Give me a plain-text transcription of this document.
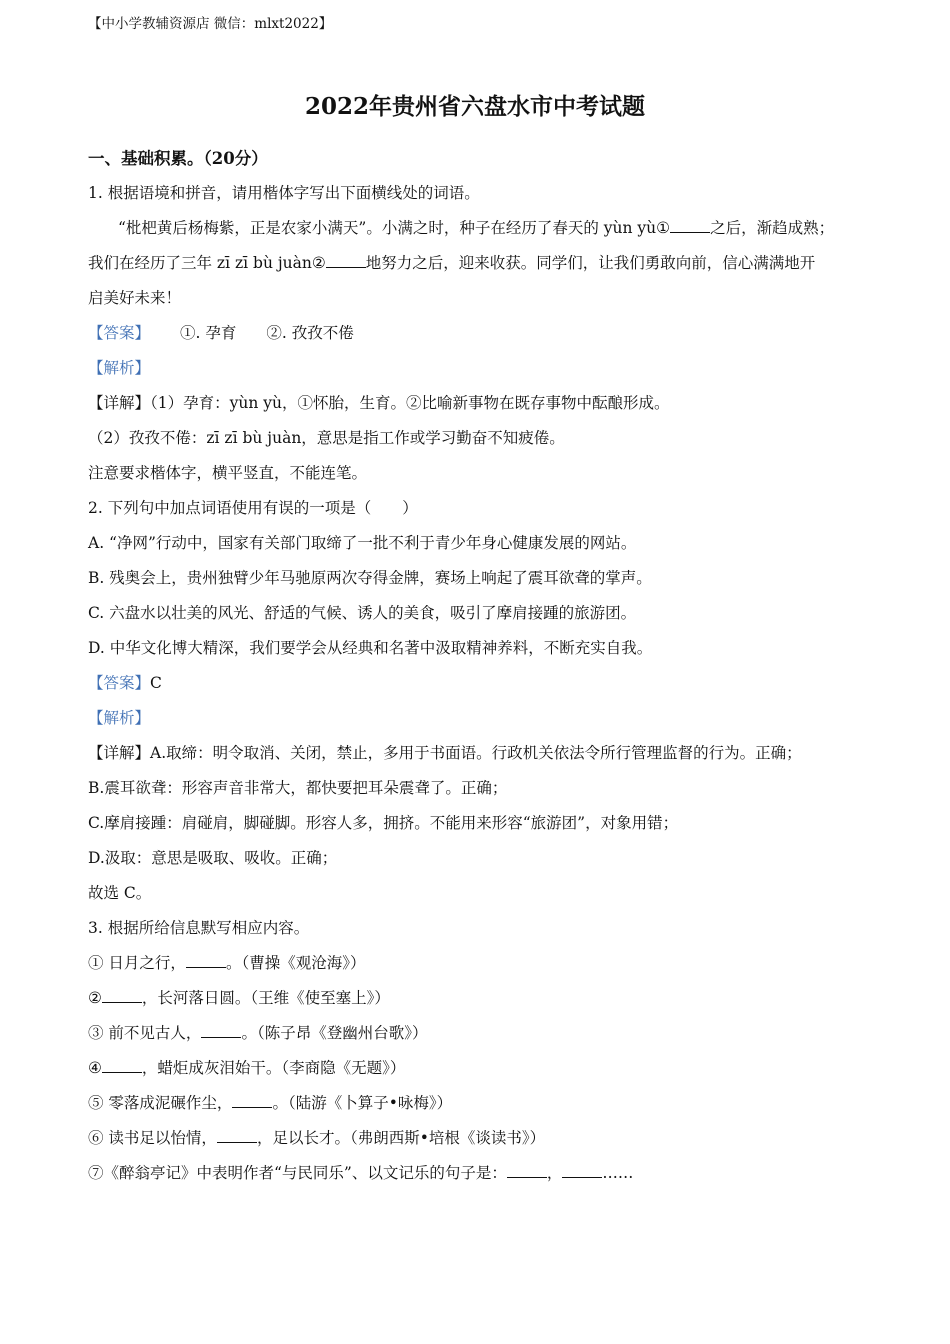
【中小学教辅资源店 微信：mlxt2022】
2022年贵州省六盘水市中考试题
一、基础积累。（20分）
1. 根据语境和拼音，请用楷体字写出下面横线处的词语。
“枇杷黄后杨梅紫，正是农家小满天”。小满之时，种子在经历了春天的 yùn yù①	之后，渐趋成熟；
我们在经历了三年 zī zī bù juàn②	地努力之后，迎来收获。同学们，让我们勇敢向前，信心满满地开
启美好未来！
【答案】 ①. 孕育 ②. 孜孜不倦
【解析】
【详解】（1）孕育：yùn yù，①怀胎，生育。②比喻新事物在既存事物中酝酿形成。
（2）孜孜不倦：zī zī bù juàn，意思是指工作或学习勤奋不知疲倦。
注意要求楷体字，横平竖直，不能连笔。
2. 下列句中加点词语使用有误的一项是（　　）
A. “净网”行动中，国家有关部门取缔了一批不利于青少年身心健康发展的网站。
B. 残奥会上，贵州独臂少年马驰原两次夺得金牌，赛场上响起了震耳欲聋的掌声。
C. 六盘水以壮美的风光、舒适的气候、诱人的美食，吸引了摩肩接踵的旅游团。
D. 中华文化博大精深，我们要学会从经典和名著中汲取精神养料，不断充实自我。
【答案】C
【解析】
【详解】A.取缔：明令取消、关闭，禁止，多用于书面语。行政机关依法令所行管理监督的行为。正确；
B.震耳欲聋：形容声音非常大，都快要把耳朵震聋了。正确；
C.摩肩接踵：肩碰肩，脚碰脚。形容人多，拥挤。不能用来形容“旅游团”，对象用错；
D.汲取：意思是吸取、吸收。正确；
故选 C。
3. 根据所给信息默写相应内容。
① 日月之行，	。（曹操《观沧海》）
②	，长河落日圆。（王维《使至塞上》）
③ 前不见古人，	。（陈子昂《登幽州台歌》）
④	，蜡炬成灰泪始干。（李商隐《无题》）
⑤ 零落成泥碾作尘，	。（陆游《卜算子•咏梅》）
⑥ 读书足以怡情，	，足以长才。（弗朗西斯•培根《谈读书》）
⑦《醉翁亭记》中表明作者“与民同乐”、以文记乐的句子是：	，	……
